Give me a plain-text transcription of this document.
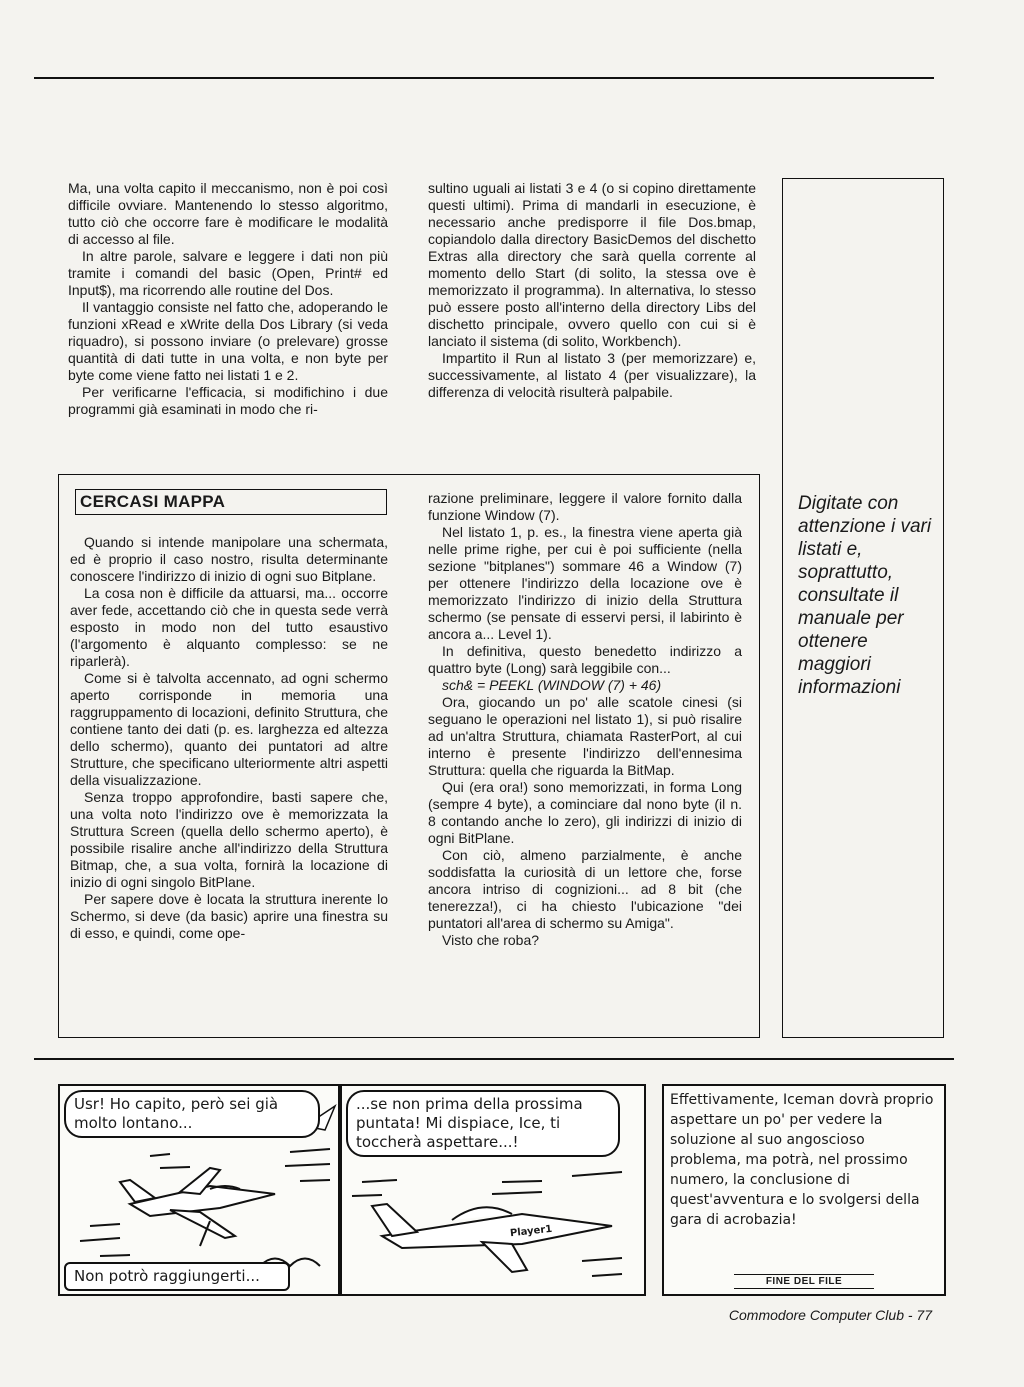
Ma, una volta capito il meccanismo, non è poi così difficile ovviare. Mantenendo lo stesso algoritmo, tutto ciò che occorre fare è modificare le modalità di accesso al file.

In altre parole, salvare e leggere i dati non più tramite i comandi del basic (Open, Print# ed Input$), ma ricorrendo alle routine del Dos.

Il vantaggio consiste nel fatto che, adoperando le funzioni xRead e xWrite della Dos Library (si veda riquadro), si possono inviare (o prelevare) grosse quantità di dati tutte in una volta, e non byte per byte come viene fatto nei listati 1 e 2.

Per verificarne l'efficacia, si modifichino i due programmi già esaminati in modo che ri-

sultino uguali ai listati 3 e 4 (o si copino direttamente questi ultimi). Prima di mandarli in esecuzione, è necessario anche predisporre il file Dos.bmap, copiandolo dalla directory BasicDemos del dischetto Extras alla directory che sarà quella corrente al momento dello Start (di solito, la stessa ove è memorizzato il programma). In alternativa, lo stesso può essere posto all'interno della directory Libs del dischetto principale, ovvero quello con cui si è lanciato il sistema (di solito, Workbench).

Impartito il Run al listato 3 (per memorizzare) e, successivamente, al listato 4 (per visualizzare), la differenza di velocità risulterà palpabile.

CERCASI MAPPA

Quando si intende manipolare una schermata, ed è proprio il caso nostro, risulta determinante conoscere l'indirizzo di inizio di ogni suo Bitplane.

La cosa non è difficile da attuarsi, ma... occorre aver fede, accettando ciò che in questa sede verrà esposto in modo non del tutto esaustivo (l'argomento è alquanto complesso: se ne riparlerà).

Come si è talvolta accennato, ad ogni schermo aperto corrisponde in memoria una raggruppamento di locazioni, definito Struttura, che contiene tanto dei dati (p. es. larghezza ed altezza dello schermo), quanto dei puntatori ad altre Strutture, che specificano ulteriormente altri aspetti della visualizzazione.

Senza troppo approfondire, basti sapere che, una volta noto l'indirizzo ove è memorizzata la Struttura Screen (quella dello schermo aperto), è possibile risalire anche all'indirizzo della Struttura Bitmap, che, a sua volta, fornirà la locazione di inizio di ogni singolo BitPlane.

Per sapere dove è locata la struttura inerente lo Schermo, si deve (da basic) aprire una finestra su di esso, e quindi, come ope-

razione preliminare, leggere il valore fornito dalla funzione Window (7).

Nel listato 1, p. es., la finestra viene aperta già nelle prime righe, per cui è poi sufficiente (nella sezione "bitplanes") sommare 46 a Window (7) per ottenere l'indirizzo della locazione ove è memorizzato l'indirizzo di inizio della Struttura schermo (se pensate di esservi persi, il labirinto è ancora a... Level 1).

In definitiva, questo benedetto indirizzo a quattro byte (Long) sarà leggibile con...

sch& = PEEKL (WINDOW (7) + 46)

Ora, giocando un po' alle scatole cinesi (si seguano le operazioni nel listato 1), si può risalire ad un'altra Struttura, chiamata RasterPort, al cui interno è presente l'indirizzo dell'ennesima Struttura: quella che riguarda la BitMap.

Qui (era ora!) sono memorizzati, in forma Long (sempre 4 byte), a cominciare dal nono byte (il n. 8 contando anche lo zero), gli indirizzi di inizio di ogni BitPlane.

Con ciò, almeno parzialmente, è anche soddisfatta la curiosità di un lettore che, forse ancora intriso di cognizioni... ad 8 bit (che tenerezza!), ci ha chiesto l'ubicazione "dei puntatori all'area di schermo su Amiga".

Visto che roba?

Digitate con attenzione i vari listati e, soprattutto, consultate il manuale per ottenere maggiori informazioni
Usr! Ho capito, però sei già molto lontano...
Non potrò raggiungerti...
Player1
...se non prima della prossima puntata! Mi dispiace, Ice, ti toccherà aspettare...!
Effettivamente, Iceman dovrà proprio aspettare un po' per vedere la soluzione al suo angoscioso problema, ma potrà, nel prossimo numero, la conclusione di quest'avventura e lo svolgersi della gara di acrobazia!
FINE DEL FILE
Commodore Computer Club - 77
